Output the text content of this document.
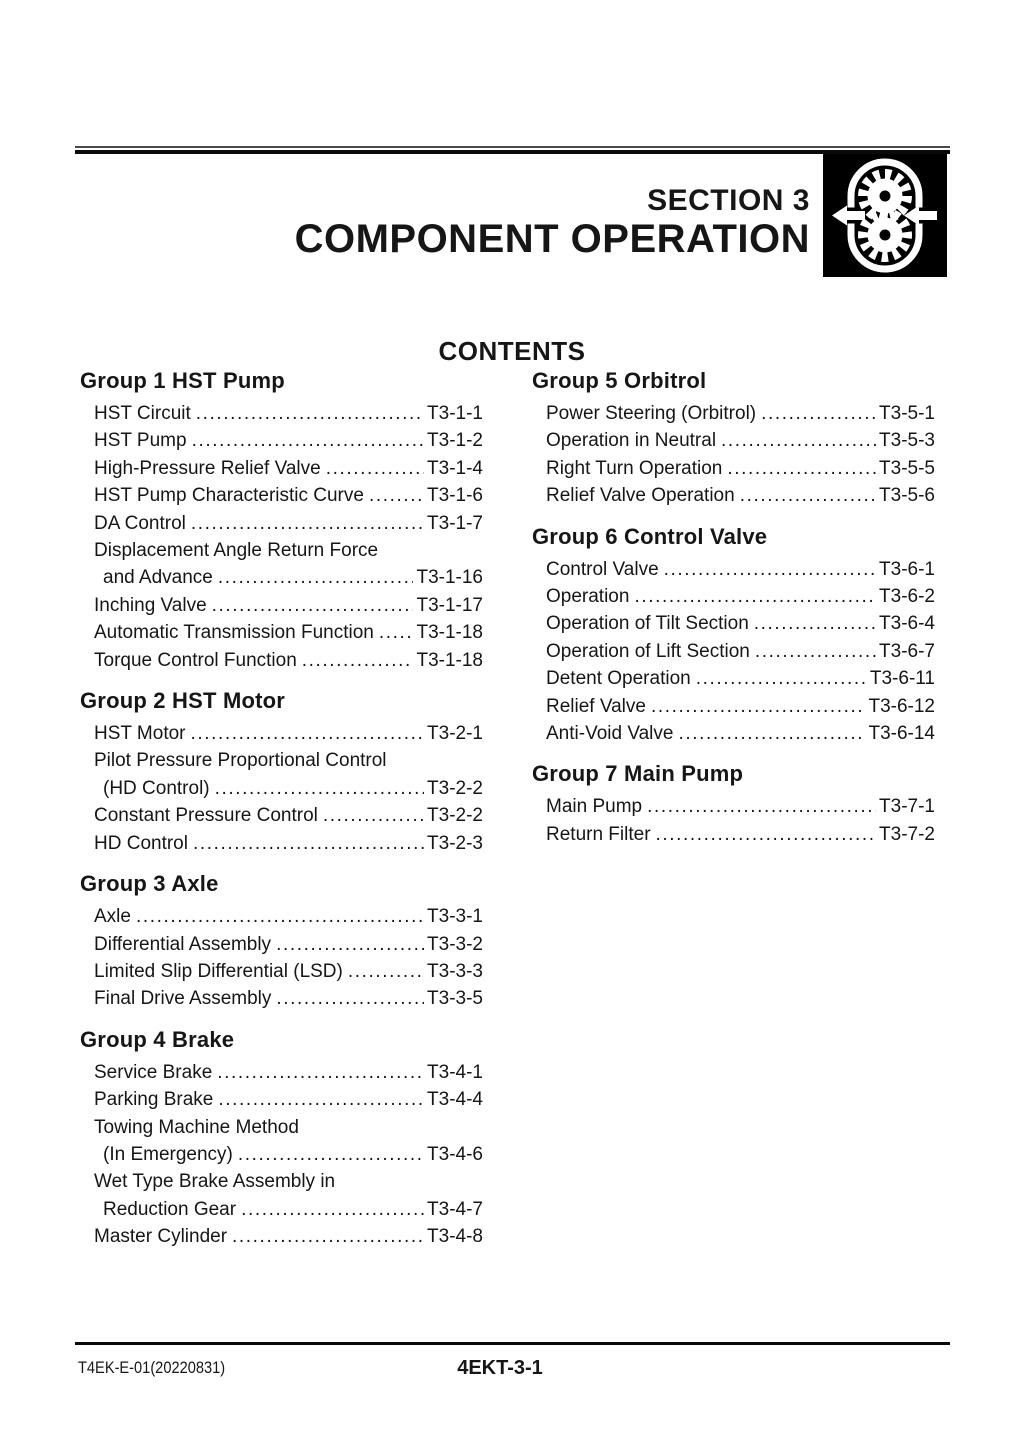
SECTION 3
COMPONENT OPERATION
CONTENTS
Group 1 HST Pump
HST Circuit .....	T3-1-1
HST Pump .....	T3-1-2
High-Pressure Relief Valve .....	T3-1-4
HST Pump Characteristic Curve .....	T3-1-6
DA Control .....	T3-1-7
Displacement Angle Return Force
and Advance .....	T3-1-16
Inching Valve .....	T3-1-17
Automatic Transmission Function ..... T3-1-18
Torque Control Function .....	T3-1-18
Group 2 HST Motor
HST Motor .....	T3-2-1
Pilot Pressure Proportional Control
(HD Control) .....	T3-2-2
Constant Pressure Control .....	T3-2-2
HD Control .....	T3-2-3
Group 3 Axle
Axle .....	T3-3-1
Differential Assembly .....	T3-3-2
Limited Slip Differential (LSD) .....	T3-3-3
Final Drive Assembly .....	T3-3-5
Group 4 Brake
Service Brake .....	T3-4-1
Parking Brake .....	T3-4-4
Towing Machine Method
(In Emergency) .....	T3-4-6
Wet Type Brake Assembly in
Reduction Gear .....	T3-4-7
Master Cylinder .....	T3-4-8
Group 5 Orbitrol
Power Steering (Orbitrol) .....	T3-5-1
Operation in Neutral .....	T3-5-3
Right Turn Operation .....	T3-5-5
Relief Valve Operation .....	T3-5-6
Group 6 Control Valve
Control Valve .....	T3-6-1
Operation .....	T3-6-2
Operation of Tilt Section .....	T3-6-4
Operation of Lift Section .....	T3-6-7
Detent Operation .....	T3-6-11
Relief Valve .....	T3-6-12
Anti-Void Valve .....	T3-6-14
Group 7 Main Pump
Main Pump .....	T3-7-1
Return Filter .....	T3-7-2
T4EK-E-01(20220831)	4EKT-3-1
